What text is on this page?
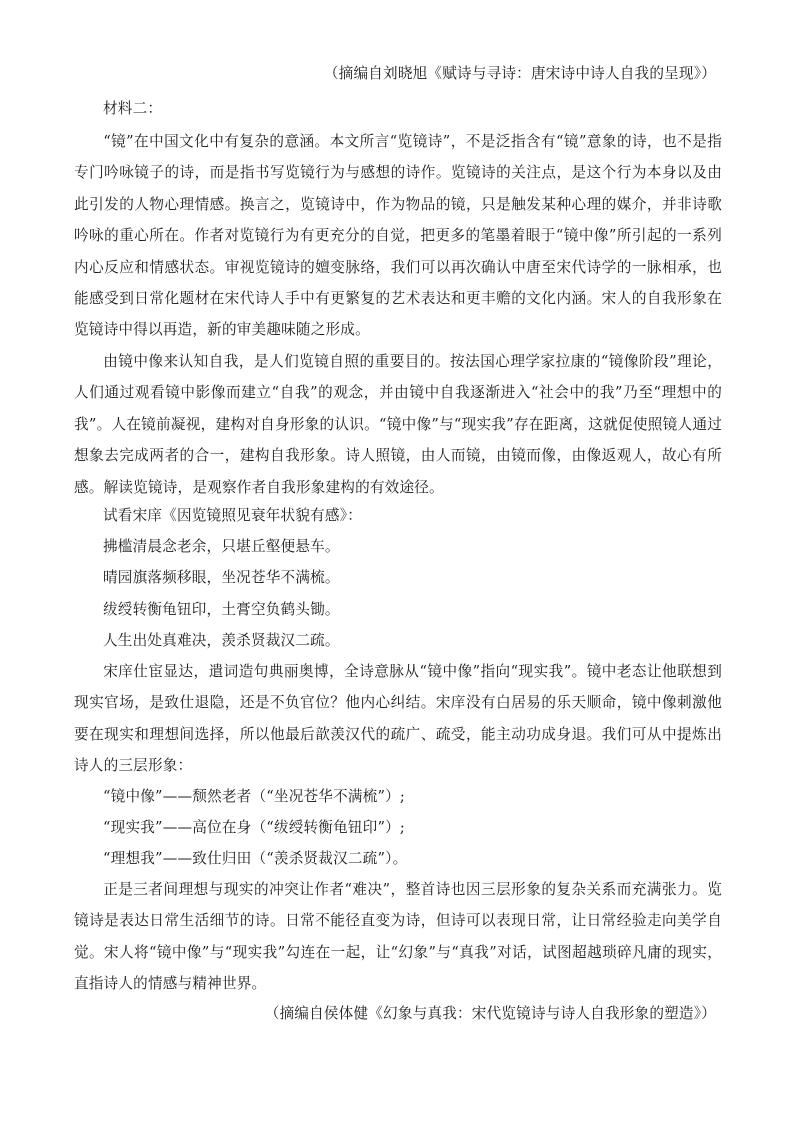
（摘编自刘晓旭《赋诗与寻诗：唐宋诗中诗人自我的呈现》）
材料二：
“镜”在中国文化中有复杂的意涵。本文所言“览镜诗”，不是泛指含有“镜”意象的诗，也不是指专门吟咏镜子的诗，而是指书写览镜行为与感想的诗作。览镜诗的关注点，是这个行为本身以及由此引发的人物心理情感。换言之，览镜诗中，作为物品的镜，只是触发某种心理的媒介，并非诗歌吟咏的重心所在。作者对览镜行为有更充分的自觉，把更多的笔墨着眼于“镜中像”所引起的一系列内心反应和情感状态。审视览镜诗的嬗变脉络，我们可以再次确认中唐至宋代诗学的一脉相承，也能感受到日常化题材在宋代诗人手中有更繁复的艺术表达和更丰赡的文化内涵。宋人的自我形象在览镜诗中得以再造，新的审美趣味随之形成。
由镜中像来认知自我，是人们览镜自照的重要目的。按法国心理学家拉康的“镜像阶段”理论，人们通过观看镜中影像而建立“自我”的观念，并由镜中自我逐渐进入“社会中的我”乃至“理想中的我”。人在镜前凝视，建构对自身形象的认识。“镜中像”与“现实我”存在距离，这就促使照镜人通过想象去完成两者的合一，建构自我形象。诗人照镜，由人而镜，由镜而像，由像返观人，故心有所感。解读览镜诗，是观察作者自我形象建构的有效途径。
试看宋庠《因览镜照见衰年状貌有感》：
拂槛清晨念老余，只堪丘壑便悬车。
晴园旗落频移眼，坐况苍华不满梳。
绂绶转衡龟钮印，土膏空负鹤头锄。
人生出处真难决，羡杀贤裁汉二疏。
宋庠仕宦显达，遣词造句典丽奥博，全诗意脉从“镜中像”指向“现实我”。镜中老态让他联想到现实官场，是致仕退隐，还是不负官位？他内心纠结。宋庠没有白居易的乐天顺命，镜中像刺激他要在现实和理想间选择，所以他最后歆羡汉代的疏广、疏受，能主动功成身退。我们可从中提炼出诗人的三层形象：
“镜中像”——颓然老者（“坐况苍华不满梳”）;
“现实我”——高位在身（“绂绶转衡龟钮印”）;
“理想我”——致仕归田（“羡杀贤裁汉二疏”）。
正是三者间理想与现实的冲突让作者“难决”，整首诗也因三层形象的复杂关系而充满张力。览镜诗是表达日常生活细节的诗。日常不能径直变为诗，但诗可以表现日常，让日常经验走向美学自觉。宋人将“镜中像”与“现实我”勾连在一起，让“幻象”与“真我”对话，试图超越琐碎凡庸的现实，直指诗人的情感与精神世界。
（摘编自侯体健《幻象与真我：宋代览镜诗与诗人自我形象的塑造》）
